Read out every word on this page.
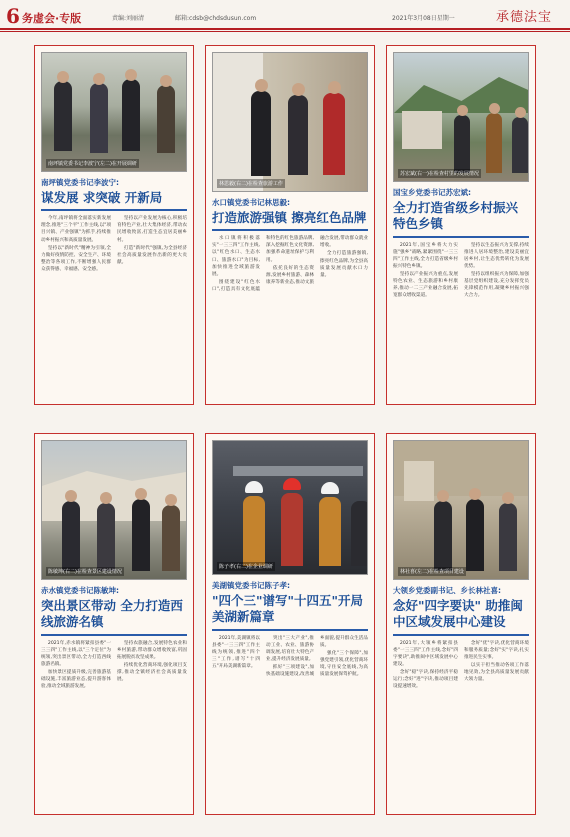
6 务虚会·专版	责编:刘丽清	邮箱:cdsb@chdsdusun.com	2021年3月08日星期一	承德法宝
南坪镇党委书记李波宁(左二)在开展调研
南坪镇党委书记李波宁:
谋发展 求突破 开新局

今年,南坪镇将全面落实新发展理念,推进"三个平"工作主线,以"项目兴镇、产业强镇"为抓手,持续推动乡村振兴和高质量发展。

坚持以"新时代"精神为引领,全力做好疫情防控、安全生产、环境整治等各项工作,不断增强人民群众获得感、幸福感、安全感。

坚持以产业发展为核心,积极培育特色产业,壮大集体经济,带动农民增收致富,打造生态宜居美丽乡村。

打造"新时代"强镇,为全县经济社会高质量发展作出新的更大贡献。

林思毅(右二)在检查旅游工作
水口镇党委书记林思毅:
打造旅游强镇 擦亮红色品牌

水口镇将积极落实"一三三四"工作主线,以"红色水口、生态水口、旅游水口"为目标,加快推进全域旅游发展。

围绕建设"红色水口",打造具有文化底蕴和特色的红色旅游品牌,深入挖掘红色文化资源,加强革命遗址保护与利用。

依托良好的生态资源,发展乡村旅游、森林康养等新业态,推动文旅融合发展,带动群众就业增收。

全力打造旅游强镇,擦亮红色品牌,为全县高质量发展贡献水口力量。

苏宏斌(右一)在检查村里的发展情况
国宝乡党委书记苏宏斌:
全力打造省级乡村振兴特色乡镇

2021年,国宝乡将大力实施"强乡"战略,紧紧围绕"一三三四"工作主线,全力打造省级乡村振兴特色乡镇。

坚持以产业振兴为重点,发展特色农业、生态旅游和乡村康养,推动一二三产业融合发展,拓宽群众增收渠道。

坚持以生态振兴为支撑,持续推进人居环境整治,建设美丽宜居乡村,让生态优势转化为发展优势。

坚持以组织振兴为保障,加强基层党组织建设,充分发挥党员先锋模范作用,凝聚乡村振兴强大合力。

陈敏坤(右二)在检查景区建设情况
赤水镇党委书记陈敏坤:
突出景区带动 全力打造西线旅游名镇

2021年,赤水镇将紧扣县委"一三三四"工作主线,以"三个定位"为统领,突出景区带动,全力打造西线旅游名镇。

加快景区提质升级,完善旅游基础设施,丰富旅游业态,提升游客体验,推动全域旅游发展。

坚持农旅融合,发展特色农业和乡村旅游,带动群众增收致富,巩固拓展脱贫攻坚成果。

持续优化营商环境,强化项目支撑,推动全镇经济社会高质量发展。

陈子孝(右二)在企业调研
美湖镇党委书记陈子孝:
"四个三"谱写"十四五"开局美湖新篇章

2021年,美湖镇将以县委"一三三四"工作主线为统领,推进"四个三"工作,谱写"十四五"开局美湖新篇章。

突出"三大产业",推动工业、农业、旅游协调发展,培育壮大特色产业,提升经济发展质量。

抓好"三项建设",加快基础设施建设,改善城乡面貌,提升群众生活品质。

强化"三个保障",加强党建引领,优化营商环境,守住安全底线,为高质量发展保驾护航。

林社喜(左二)在检查项目建设
大领乡党委副书记、乡长林社喜:
念好"四字要诀" 助推闽中区域发展中心建设

2021年,大领乡将紧扣县委"一三三四"工作主线,念好"四字要诀",助推闽中区域发展中心建设。

念好"稳"字诀,保持经济平稳运行;念好"进"字诀,推动项目建设提速增效。

念好"优"字诀,优化营商环境和服务质量;念好"实"字诀,扎实推进民生实事。

以实干担当推动各项工作落地见效,为全县高质量发展贡献大领力量。
